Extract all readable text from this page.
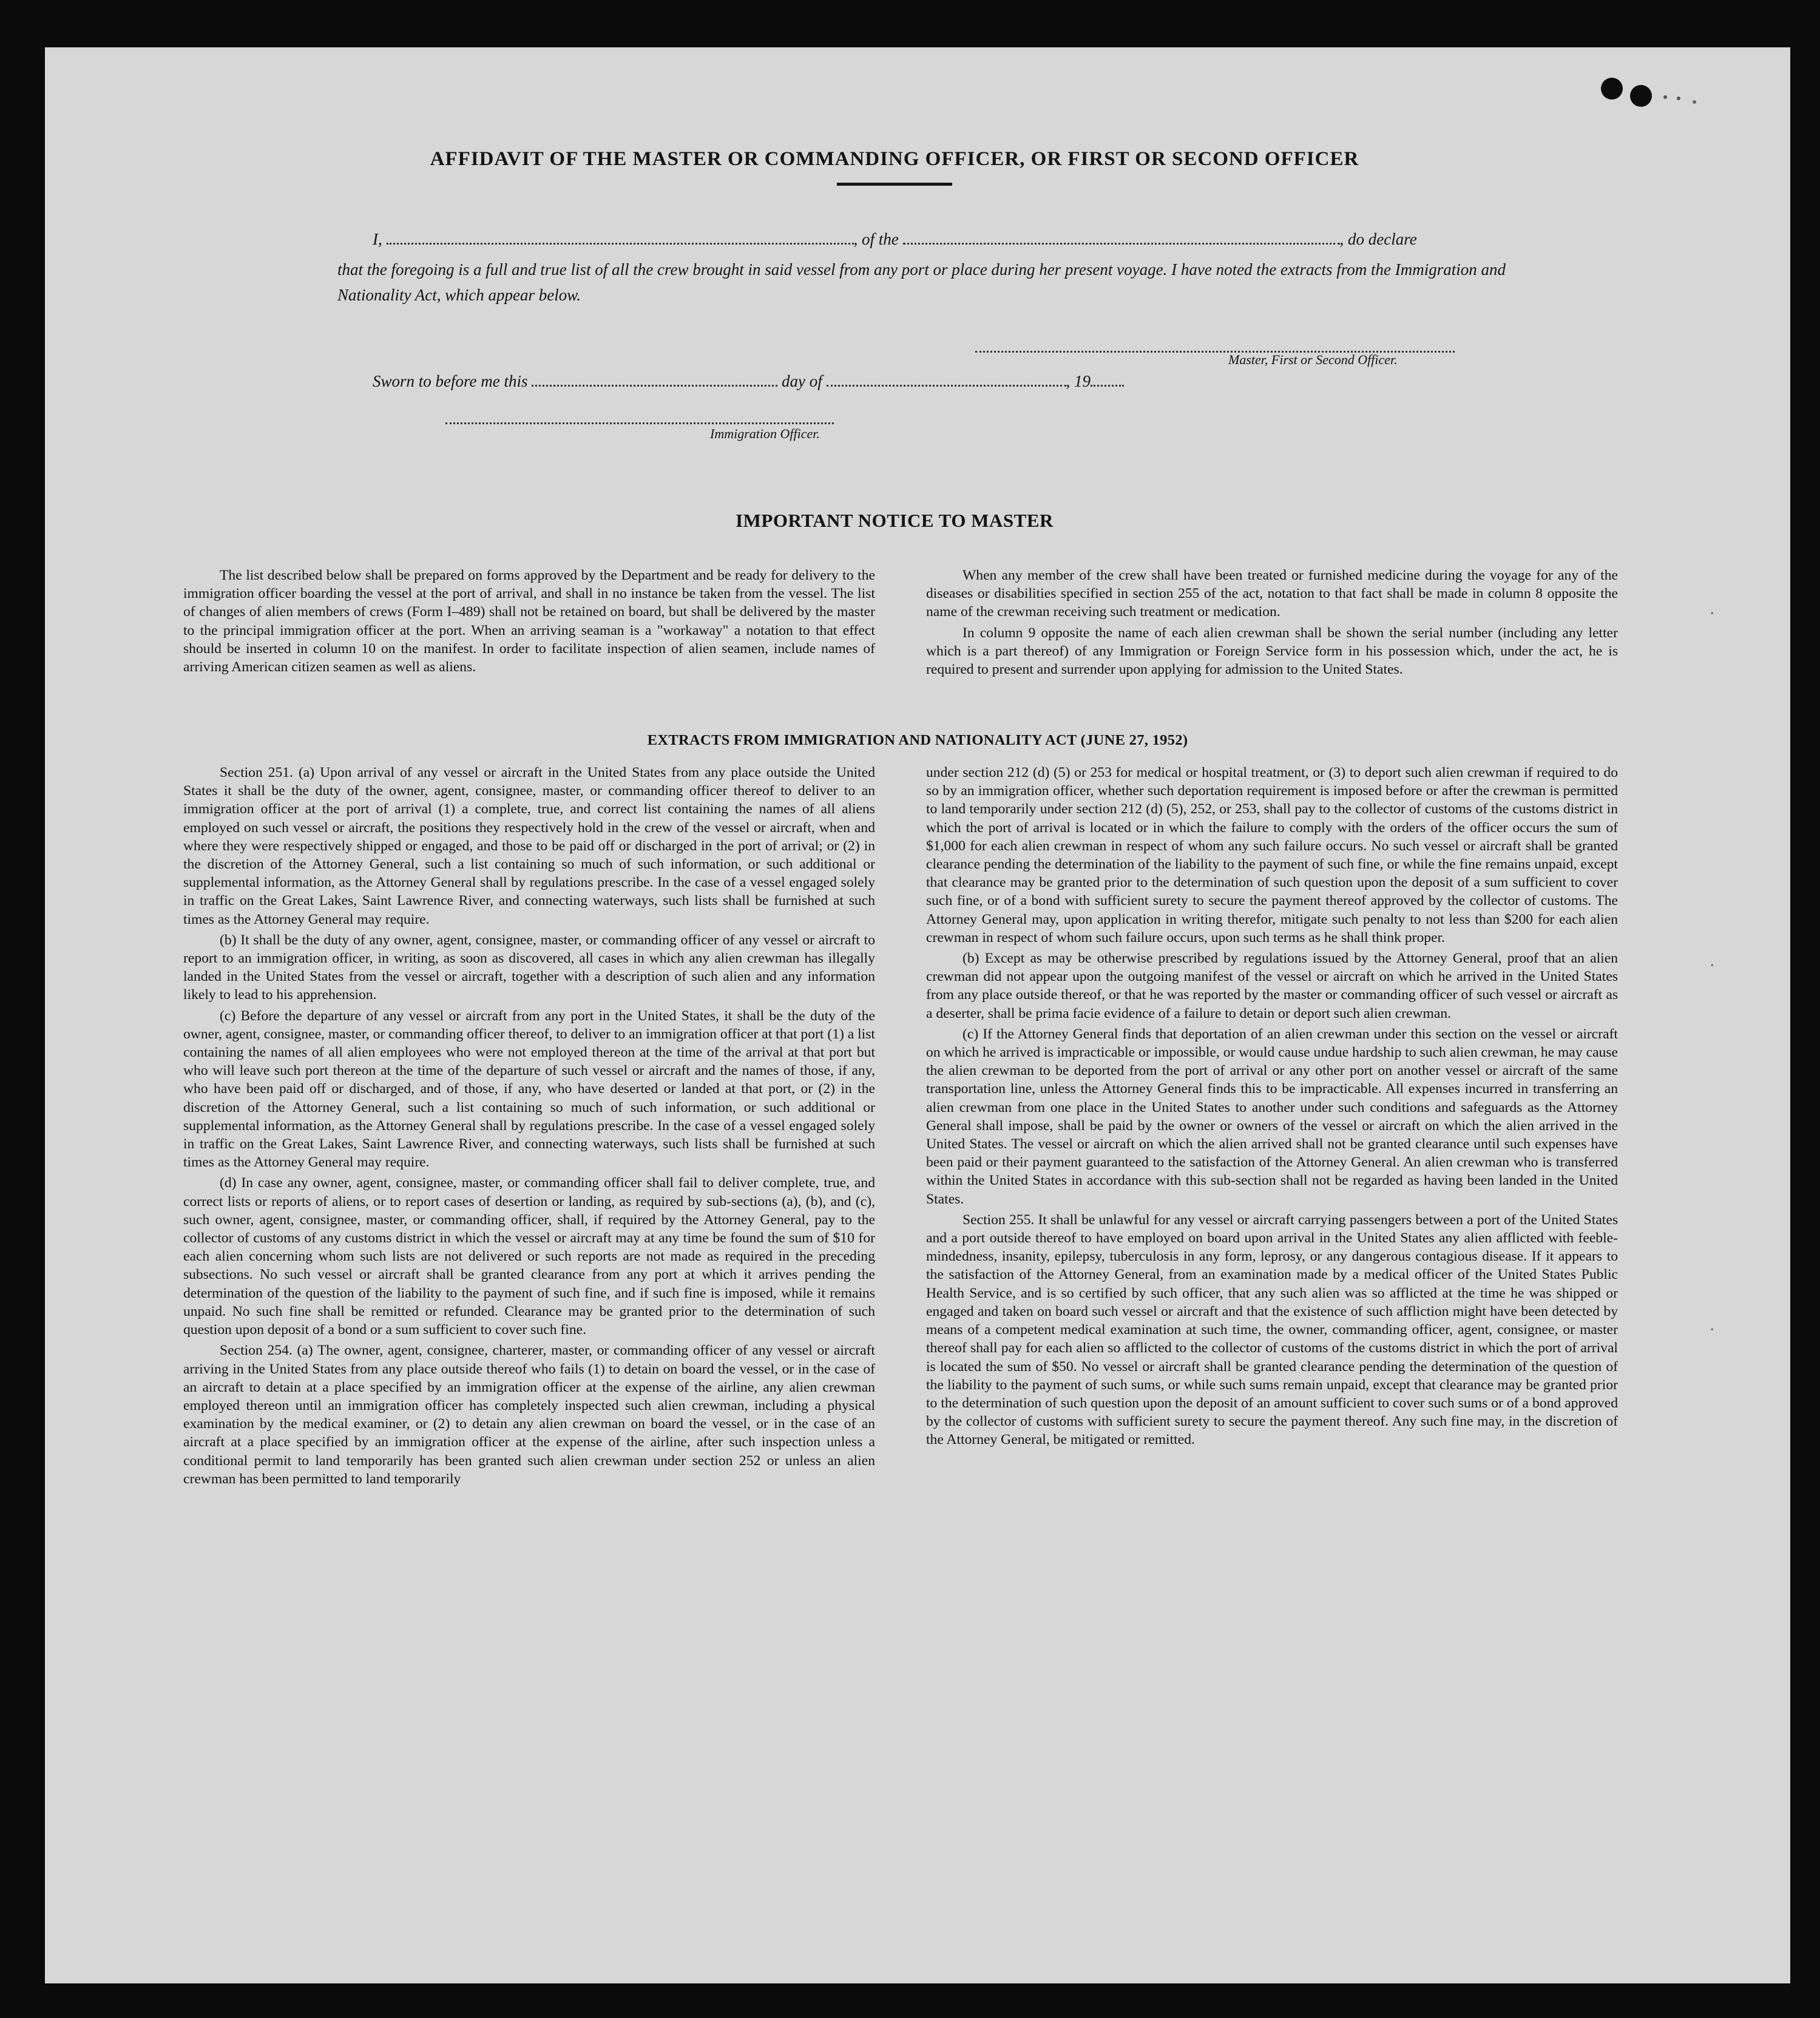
AFFIDAVIT OF THE MASTER OR COMMANDING OFFICER, OR FIRST OR SECOND OFFICER
I,	, of the	, do declare
that the foregoing is a full and true list of all the crew brought in said vessel from any port or place during her present voyage. I have noted the extracts from the Immigration and Nationality Act, which appear below.
Master, First or Second Officer.
Sworn to before me this	day of	, 19
Immigration Officer.
IMPORTANT NOTICE TO MASTER

The list described below shall be prepared on forms approved by the Department and be ready for delivery to the immigration officer boarding the vessel at the port of arrival, and shall in no instance be taken from the vessel. The list of changes of alien members of crews (Form I–489) shall not be retained on board, but shall be delivered by the master to the principal immigration officer at the port. When an arriving seaman is a "workaway" a notation to that effect should be inserted in column 10 on the manifest. In order to facilitate inspection of alien seamen, include names of arriving American citizen seamen as well as aliens.

When any member of the crew shall have been treated or furnished medicine during the voyage for any of the diseases or disabilities specified in section 255 of the act, notation to that fact shall be made in column 8 opposite the name of the crewman receiving such treatment or medication.

In column 9 opposite the name of each alien crewman shall be shown the serial number (including any letter which is a part thereof) of any Immigration or Foreign Service form in his possession which, under the act, he is required to present and surrender upon applying for admission to the United States.

EXTRACTS FROM IMMIGRATION AND NATIONALITY ACT (JUNE 27, 1952)

Section 251. (a) Upon arrival of any vessel or aircraft in the United States from any place outside the United States it shall be the duty of the owner, agent, consignee, master, or commanding officer thereof to deliver to an immigration officer at the port of arrival (1) a complete, true, and correct list containing the names of all aliens employed on such vessel or aircraft, the positions they respectively hold in the crew of the vessel or aircraft, when and where they were respectively shipped or engaged, and those to be paid off or discharged in the port of arrival; or (2) in the discretion of the Attorney General, such a list containing so much of such information, or such additional or supplemental information, as the Attorney General shall by regulations prescribe. In the case of a vessel engaged solely in traffic on the Great Lakes, Saint Lawrence River, and connecting waterways, such lists shall be furnished at such times as the Attorney General may require.

(b) It shall be the duty of any owner, agent, consignee, master, or commanding officer of any vessel or aircraft to report to an immigration officer, in writing, as soon as discovered, all cases in which any alien crewman has illegally landed in the United States from the vessel or aircraft, together with a description of such alien and any information likely to lead to his apprehension.

(c) Before the departure of any vessel or aircraft from any port in the United States, it shall be the duty of the owner, agent, consignee, master, or commanding officer thereof, to deliver to an immigration officer at that port (1) a list containing the names of all alien employees who were not employed thereon at the time of the arrival at that port but who will leave such port thereon at the time of the departure of such vessel or aircraft and the names of those, if any, who have been paid off or discharged, and of those, if any, who have deserted or landed at that port, or (2) in the discretion of the Attorney General, such a list containing so much of such information, or such additional or supplemental information, as the Attorney General shall by regulations prescribe. In the case of a vessel engaged solely in traffic on the Great Lakes, Saint Lawrence River, and connecting waterways, such lists shall be furnished at such times as the Attorney General may require.

(d) In case any owner, agent, consignee, master, or commanding officer shall fail to deliver complete, true, and correct lists or reports of aliens, or to report cases of desertion or landing, as required by sub-sections (a), (b), and (c), such owner, agent, consignee, master, or commanding officer, shall, if required by the Attorney General, pay to the collector of customs of any customs district in which the vessel or aircraft may at any time be found the sum of $10 for each alien concerning whom such lists are not delivered or such reports are not made as required in the preceding subsections. No such vessel or aircraft shall be granted clearance from any port at which it arrives pending the determination of the question of the liability to the payment of such fine, and if such fine is imposed, while it remains unpaid. No such fine shall be remitted or refunded. Clearance may be granted prior to the determination of such question upon deposit of a bond or a sum sufficient to cover such fine.

Section 254. (a) The owner, agent, consignee, charterer, master, or commanding officer of any vessel or aircraft arriving in the United States from any place outside thereof who fails (1) to detain on board the vessel, or in the case of an aircraft to detain at a place specified by an immigration officer at the expense of the airline, any alien crewman employed thereon until an immigration officer has completely inspected such alien crewman, including a physical examination by the medical examiner, or (2) to detain any alien crewman on board the vessel, or in the case of an aircraft at a place specified by an immigration officer at the expense of the airline, after such inspection unless a conditional permit to land temporarily has been granted such alien crewman under section 252 or unless an alien crewman has been permitted to land temporarily

under section 212 (d) (5) or 253 for medical or hospital treatment, or (3) to deport such alien crewman if required to do so by an immigration officer, whether such deportation requirement is imposed before or after the crewman is permitted to land temporarily under section 212 (d) (5), 252, or 253, shall pay to the collector of customs of the customs district in which the port of arrival is located or in which the failure to comply with the orders of the officer occurs the sum of $1,000 for each alien crewman in respect of whom any such failure occurs. No such vessel or aircraft shall be granted clearance pending the determination of the liability to the payment of such fine, or while the fine remains unpaid, except that clearance may be granted prior to the determination of such question upon the deposit of a sum sufficient to cover such fine, or of a bond with sufficient surety to secure the payment thereof approved by the collector of customs. The Attorney General may, upon application in writing therefor, mitigate such penalty to not less than $200 for each alien crewman in respect of whom such failure occurs, upon such terms as he shall think proper.

(b) Except as may be otherwise prescribed by regulations issued by the Attorney General, proof that an alien crewman did not appear upon the outgoing manifest of the vessel or aircraft on which he arrived in the United States from any place outside thereof, or that he was reported by the master or commanding officer of such vessel or aircraft as a deserter, shall be prima facie evidence of a failure to detain or deport such alien crewman.

(c) If the Attorney General finds that deportation of an alien crewman under this section on the vessel or aircraft on which he arrived is impracticable or impossible, or would cause undue hardship to such alien crewman, he may cause the alien crewman to be deported from the port of arrival or any other port on another vessel or aircraft of the same transportation line, unless the Attorney General finds this to be impracticable. All expenses incurred in transferring an alien crewman from one place in the United States to another under such conditions and safeguards as the Attorney General shall impose, shall be paid by the owner or owners of the vessel or aircraft on which the alien arrived in the United States. The vessel or aircraft on which the alien arrived shall not be granted clearance until such expenses have been paid or their payment guaranteed to the satisfaction of the Attorney General. An alien crewman who is transferred within the United States in accordance with this sub-section shall not be regarded as having been landed in the United States.

Section 255. It shall be unlawful for any vessel or aircraft carrying passengers between a port of the United States and a port outside thereof to have employed on board upon arrival in the United States any alien afflicted with feeble-mindedness, insanity, epilepsy, tuberculosis in any form, leprosy, or any dangerous contagious disease. If it appears to the satisfaction of the Attorney General, from an examination made by a medical officer of the United States Public Health Service, and is so certified by such officer, that any such alien was so afflicted at the time he was shipped or engaged and taken on board such vessel or aircraft and that the existence of such affliction might have been detected by means of a competent medical examination at such time, the owner, commanding officer, agent, consignee, or master thereof shall pay for each alien so afflicted to the collector of customs of the customs district in which the port of arrival is located the sum of $50. No vessel or aircraft shall be granted clearance pending the determination of the question of the liability to the payment of such sums, or while such sums remain unpaid, except that clearance may be granted prior to the determination of such question upon the deposit of an amount sufficient to cover such sums or of a bond approved by the collector of customs with sufficient surety to secure the payment thereof. Any such fine may, in the discretion of the Attorney General, be mitigated or remitted.

·
·
·
